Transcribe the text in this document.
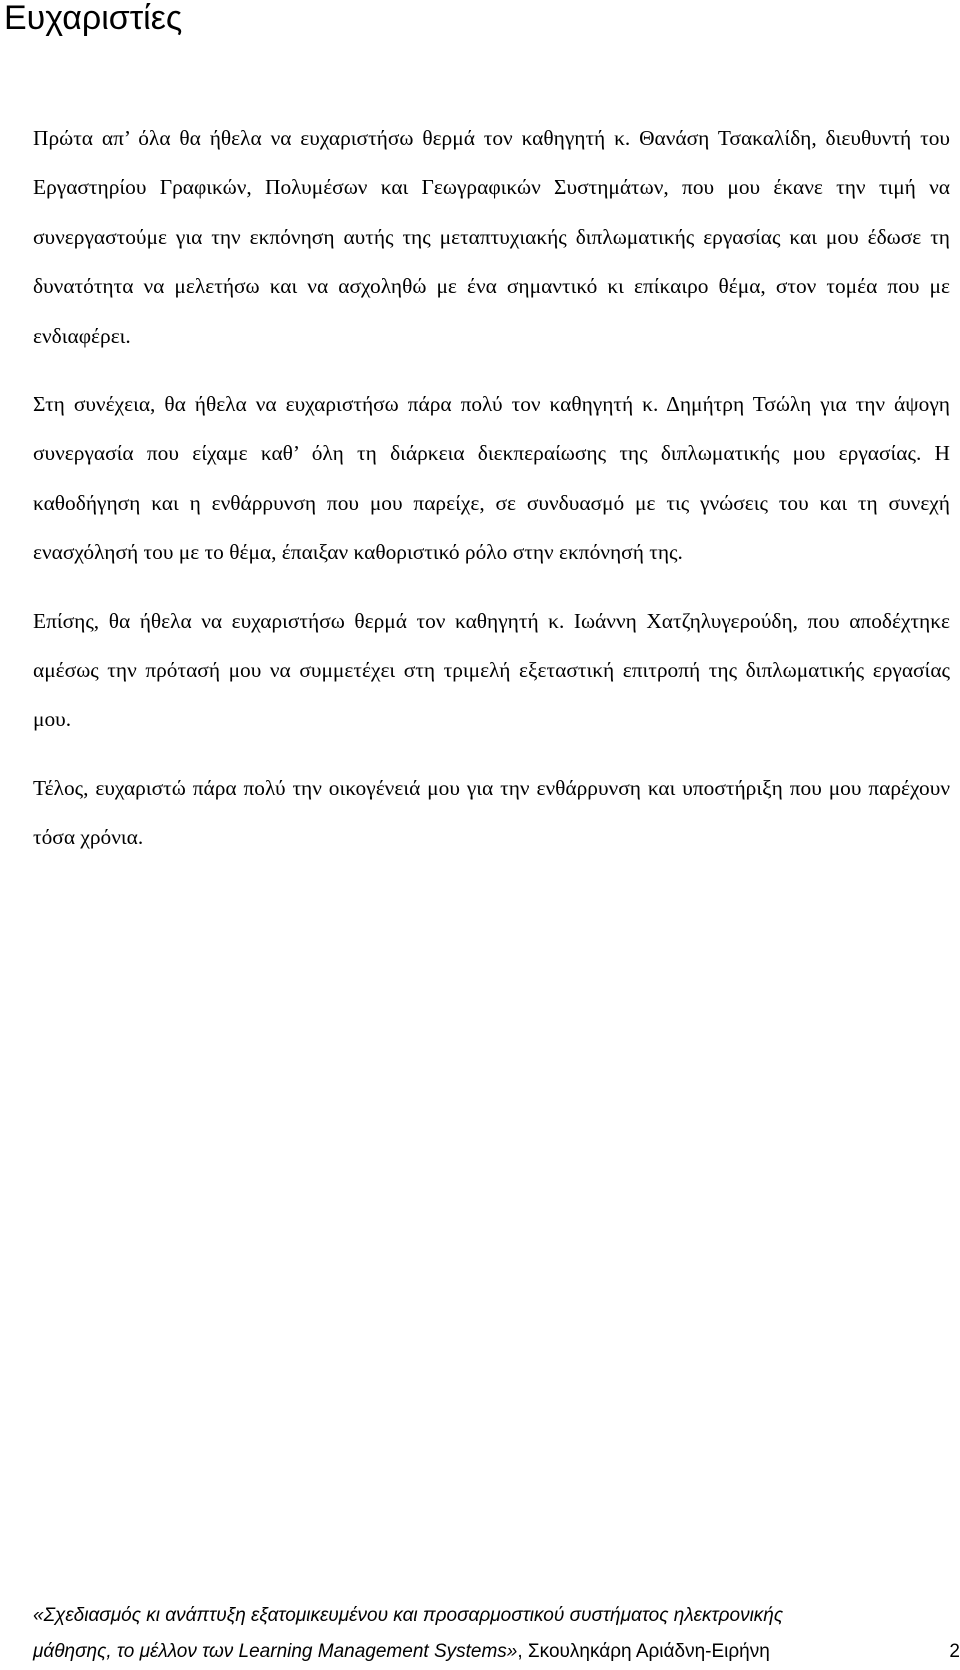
Ευχαριστίες

Πρώτα απ’ όλα θα ήθελα να ευχαριστήσω θερμά τον καθηγητή κ. Θανάση Τσακαλίδη, διευθυντή του Εργαστηρίου Γραφικών, Πολυμέσων και Γεωγραφικών Συστημάτων, που μου έκανε την τιμή να συνεργαστούμε για την εκπόνηση αυτής της μεταπτυχιακής διπλωματικής εργασίας και μου έδωσε τη δυνατότητα να μελετήσω και να ασχοληθώ με ένα σημαντικό κι επίκαιρο θέμα, στον τομέα που με ενδιαφέρει.

Στη συνέχεια, θα ήθελα να ευχαριστήσω πάρα πολύ τον καθηγητή κ. Δημήτρη Τσώλη για την άψογη συνεργασία που είχαμε καθ’ όλη τη διάρκεια διεκπεραίωσης της διπλωματικής μου εργασίας. Η καθοδήγηση και η ενθάρρυνση που μου παρείχε, σε συνδυασμό με τις γνώσεις του και τη συνεχή ενασχόλησή του με το θέμα, έπαιξαν καθοριστικό ρόλο στην εκπόνησή της.

Επίσης, θα ήθελα να ευχαριστήσω θερμά τον καθηγητή κ. Ιωάννη Χατζηλυγερούδη, που αποδέχτηκε αμέσως την πρότασή μου να συμμετέχει στη τριμελή εξεταστική επιτροπή της διπλωματικής εργασίας μου.

Τέλος, ευχαριστώ πάρα πολύ την οικογένειά μου για την ενθάρρυνση και υποστήριξη που μου παρέχουν τόσα χρόνια.

«Σχεδιασμός κι ανάπτυξη εξατομικευμένου και προσαρμοστικού συστήματος ηλεκτρονικής
μάθησης, το μέλλον των Learning Management Systems», Σκουληκάρη Αριάδνη-Ειρήνη	2
